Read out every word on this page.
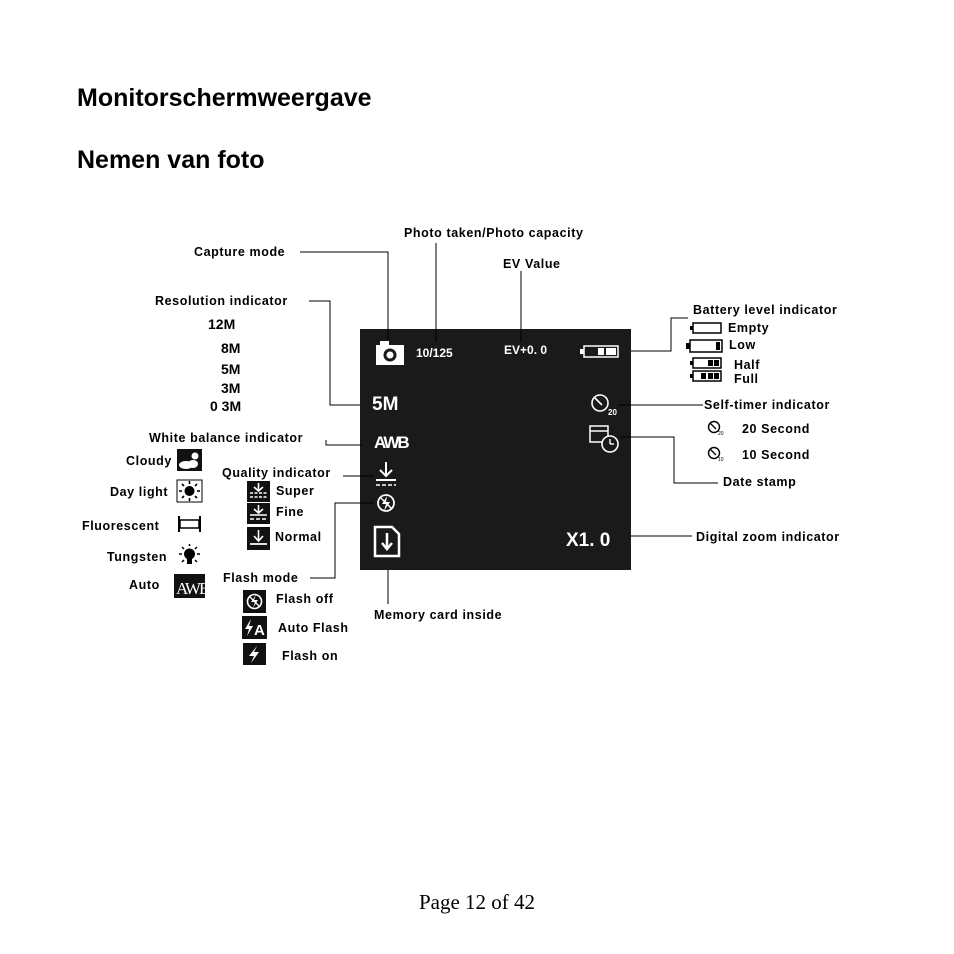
Monitorschermweergave
Nemen van foto
10/125	EV+0. 0
5M	20
AWB
X1. 0
Photo taken/Photo capacity
EV Value
Capture mode
Resolution indicator
White balance indicator
Quality indicator
Flash mode
Memory card inside
Battery level indicator
Self-timer indicator
Date stamp
Digital zoom indicator
12M
8M
5M
3M
0 3M
Cloudy
Day light
Fluorescent
Tungsten
Auto AWB
Super
Fine
Normal
Flash off
A Auto Flash
Flash on
Empty
Low
Half
Full
20 20 Second
10 10 Second
Page 12 of 42
